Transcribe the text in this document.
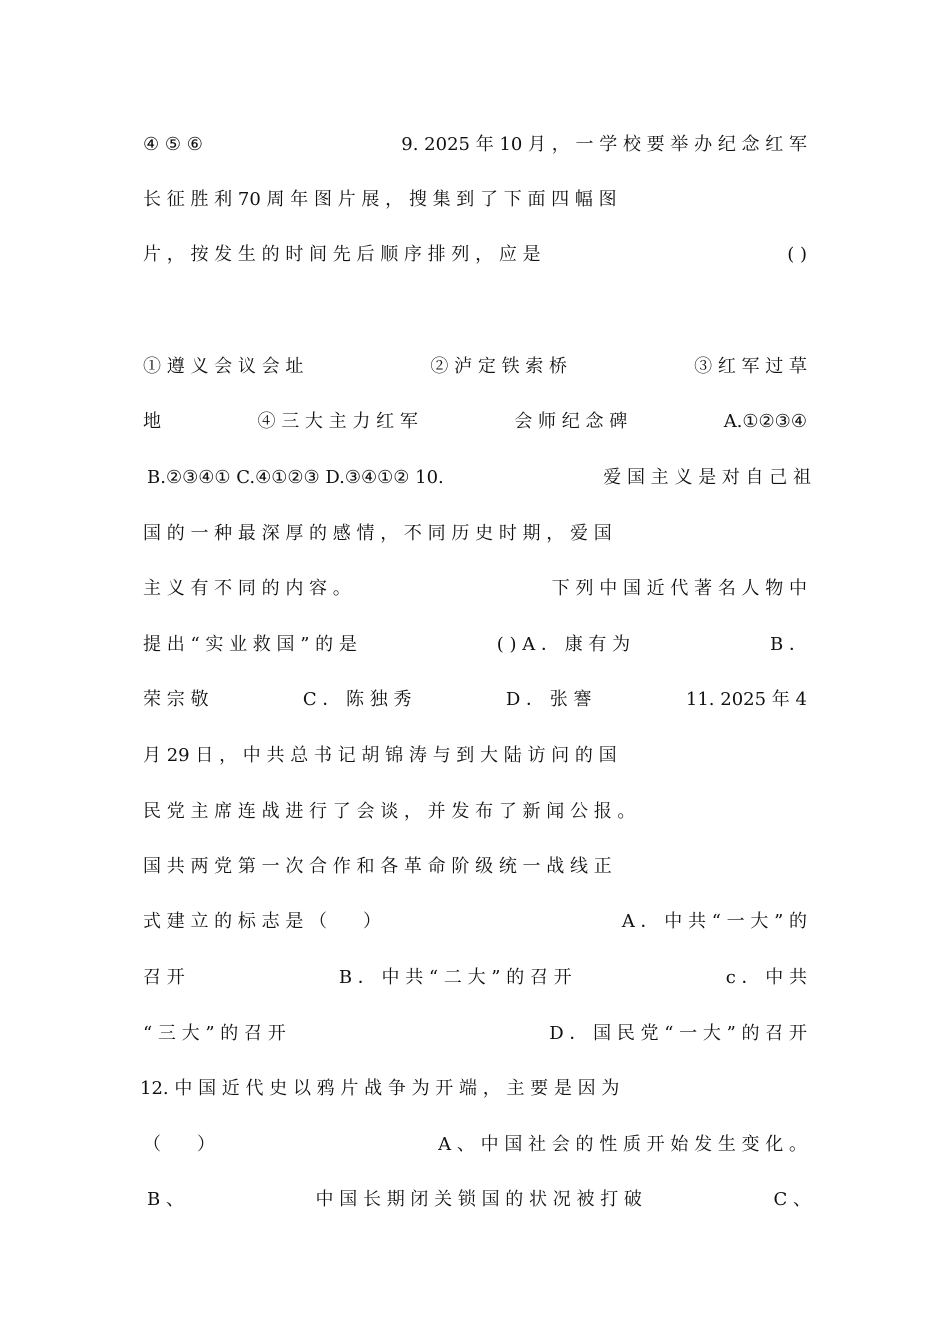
④ ⑤ ⑥	9. 2025 年 10 月 ， 一 学 校 要 举 办 纪 念 红 军
长 征 胜 利 70 周 年 图 片 展 ， 搜 集 到 了 下 面 四 幅 图
片 ， 按 发 生 的 时 间 先 后 顺 序 排 列 ， 应 是	( )
① 遵 义 会 议 会 址	② 泸 定 铁 索 桥	③ 红 军 过 草
地	④ 三 大 主 力 红 军	会 师 纪 念 碑	A.①②③④
B.②③④① C.④①②③ D.③④①② 10.	爱 国 主 义 是 对 自 己 祖
国 的 一 种 最 深 厚 的 感 情 ， 不 同 历 史 时 期 ， 爱 国
主 义 有 不 同 的 内 容 。	下 列 中 国 近 代 著 名 人 物 中
提 出 “ 实 业 救 国 ” 的 是	( ) A ． 康 有 为	B ．
荣 宗 敬	C ． 陈 独 秀	D ． 张 謇	11. 2025 年 4
月 29 日 ， 中 共 总 书 记 胡 锦 涛 与 到 大 陆 访 问 的 国
民 党 主 席 连 战 进 行 了 会 谈 ， 并 发 布 了 新 闻 公 报 。
国 共 两 党 第 一 次 合 作 和 各 革 命 阶 级 统 一 战 线 正
式 建 立 的 标 志 是 （　　）	A ． 中 共 “ 一 大 ” 的
召 开	B ． 中 共 “ 二 大 ” 的 召 开	c ． 中 共
“ 三 大 ” 的 召 开	D ． 国 民 党 “ 一 大 ” 的 召 开
12. 中 国 近 代 史 以 鸦 片 战 争 为 开 端 ， 主 要 是 因 为
（　　）	A 、 中 国 社 会 的 性 质 开 始 发 生 变 化 。
B 、	中 国 长 期 闭 关 锁 国 的 状 况 被 打 破	C 、
